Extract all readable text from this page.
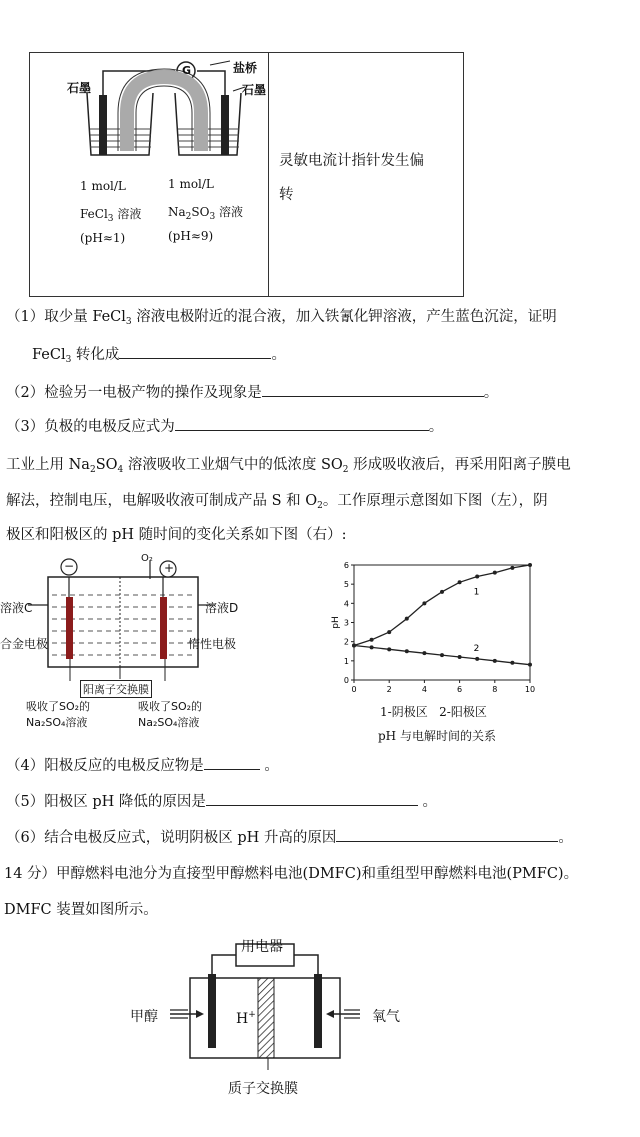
石墨
G	盐桥
石墨
1 mol/L
FeCl$_3$ 溶液
(pH≈1)
1 mol/L
$Na_2SO_3$ 溶液
(pH≈9)
灵敏电流计指针发生偏
转
（1）取少量 FeCl$_3$ 溶液电极附近的混合液，加入铁氰化钾溶液，产生蓝色沉淀，证明
FeCl$_3$ 转化成	。
（2）检验另一电极产物的操作及现象是	。
（3）负极的电极反应式为	。
工业上用 $Na_2SO_4$ 溶液吸收工业烟气中的低浓度 $SO_2$ 形成吸收液后，再采用阳离子膜电
解法，控制电压，电解吸收液可制成产品 S 和 $O_2$。工作原理示意图如下图（左），阴
极区和阳极区的 pH 随时间的变化关系如下图（右）:
−	+
O₂
溶液C	溶液D
合金电极	惰性电极
阳离子交换膜
吸收了SO₂的
Na₂SO₄溶液
吸收了SO₂的
Na₂SO₄溶液
0	2	4	6	8	10
0
1
2
3
4
5
6
pH
1
2
1-阴极区   2-阳极区
pH 与电解时间的关系
（4）阳极反应的电极反应物是	。
（5）阳极区 pH 降低的原因是	。
（6）结合电极反应式，说明阴极区 pH 升高的原因	。
14 分）甲醇燃料电池分为直接型甲醇燃料电池(DMFC)和重组型甲醇燃料电池(PMFC)。
DMFC 装置如图所示。
用电器
甲醇	氧气
H+
质子交换膜
